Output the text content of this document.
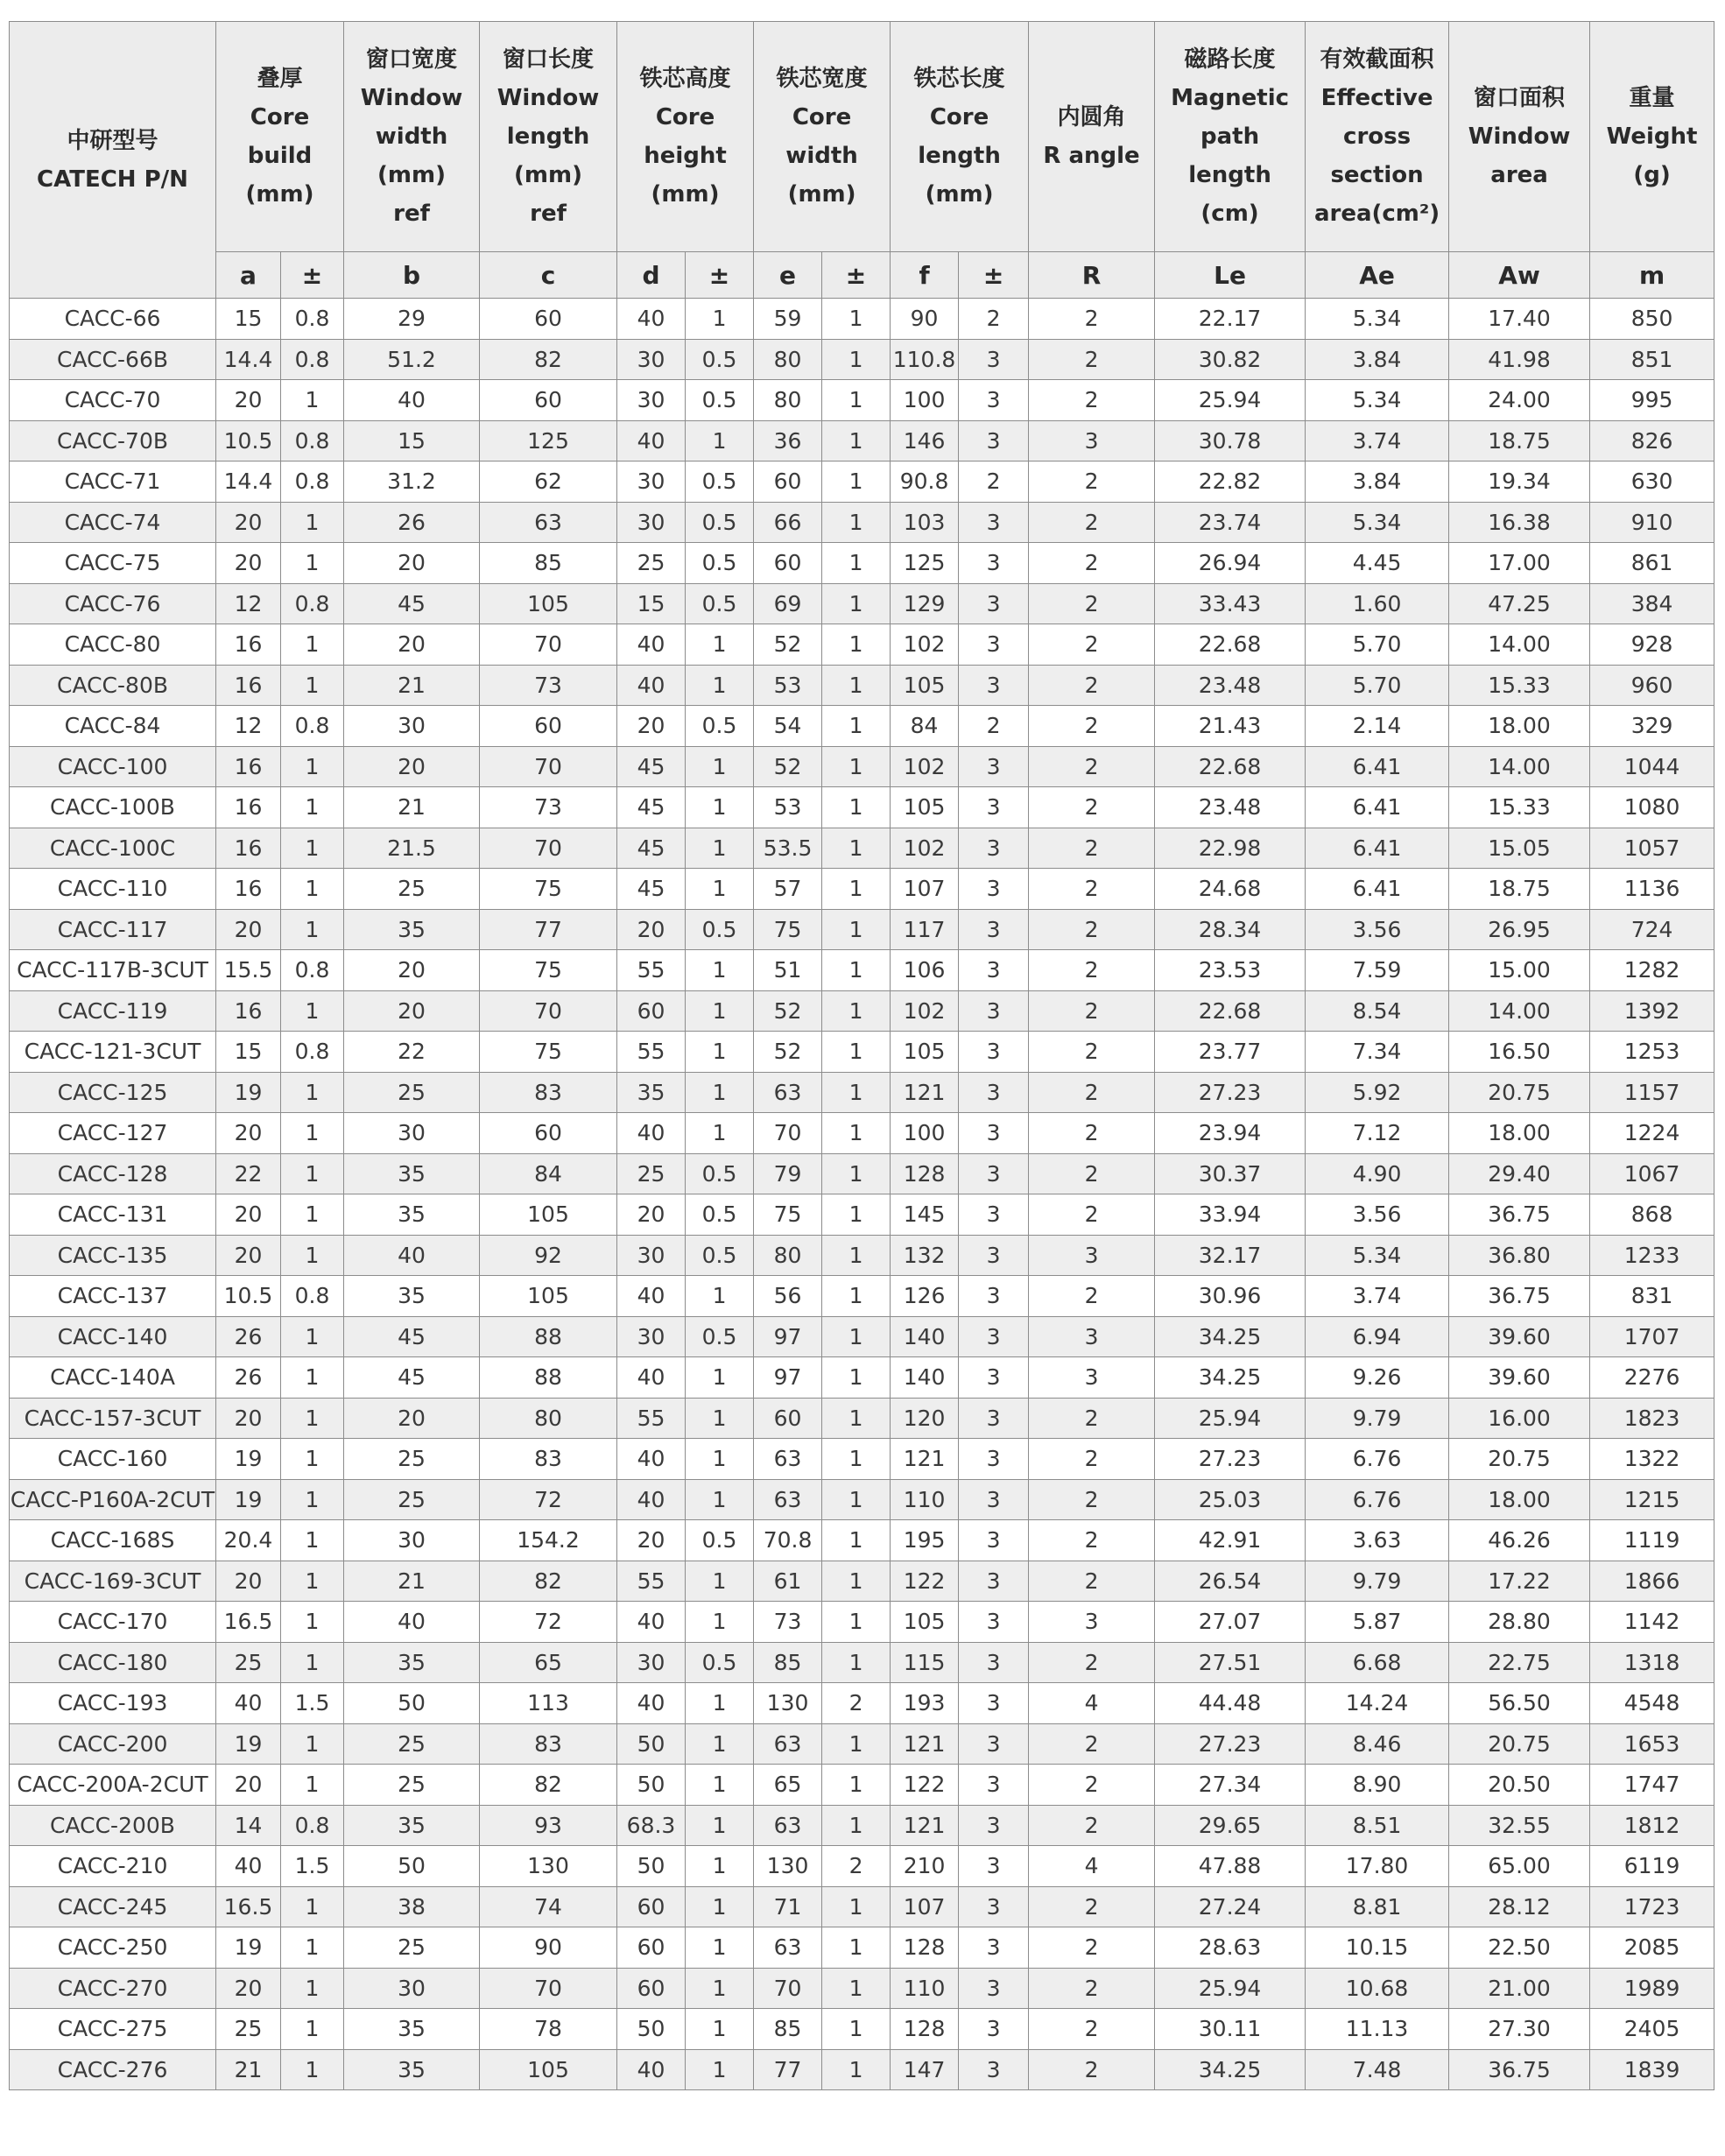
中研型号
CATECH P/N	叠厚
Core
build
(mm)		窗口宽度
Window
width
(mm)
ref	窗口长度
Window
length
(mm)
ref	铁芯高度
Core
height
(mm)		铁芯宽度
Core
width
(mm)		铁芯长度
Core
length
(mm)		内圆角
R angle	磁路长度
Magnetic
path
length
(cm)	有效截面积
Effective
cross
section
area(cm²)	窗口面积
Window
area	重量
Weight
(g)

	a	±	b	c	d	±	e	±	f	±	R	Le	Ae	Aw	m
CACC-66	15	0.8	29	60	40	1	59	1	90	2	2	22.17	5.34	17.40	850
CACC-66B	14.4	0.8	51.2	82	30	0.5	80	1	110.8	3	2	30.82	3.84	41.98	851
CACC-70	20	1	40	60	30	0.5	80	1	100	3	2	25.94	5.34	24.00	995
CACC-70B	10.5	0.8	15	125	40	1	36	1	146	3	3	30.78	3.74	18.75	826
CACC-71	14.4	0.8	31.2	62	30	0.5	60	1	90.8	2	2	22.82	3.84	19.34	630
CACC-74	20	1	26	63	30	0.5	66	1	103	3	2	23.74	5.34	16.38	910
CACC-75	20	1	20	85	25	0.5	60	1	125	3	2	26.94	4.45	17.00	861
CACC-76	12	0.8	45	105	15	0.5	69	1	129	3	2	33.43	1.60	47.25	384
CACC-80	16	1	20	70	40	1	52	1	102	3	2	22.68	5.70	14.00	928
CACC-80B	16	1	21	73	40	1	53	1	105	3	2	23.48	5.70	15.33	960
CACC-84	12	0.8	30	60	20	0.5	54	1	84	2	2	21.43	2.14	18.00	329
CACC-100	16	1	20	70	45	1	52	1	102	3	2	22.68	6.41	14.00	1044
CACC-100B	16	1	21	73	45	1	53	1	105	3	2	23.48	6.41	15.33	1080
CACC-100C	16	1	21.5	70	45	1	53.5	1	102	3	2	22.98	6.41	15.05	1057
CACC-110	16	1	25	75	45	1	57	1	107	3	2	24.68	6.41	18.75	1136
CACC-117	20	1	35	77	20	0.5	75	1	117	3	2	28.34	3.56	26.95	724
CACC-117B-3CUT	15.5	0.8	20	75	55	1	51	1	106	3	2	23.53	7.59	15.00	1282
CACC-119	16	1	20	70	60	1	52	1	102	3	2	22.68	8.54	14.00	1392
CACC-121-3CUT	15	0.8	22	75	55	1	52	1	105	3	2	23.77	7.34	16.50	1253
CACC-125	19	1	25	83	35	1	63	1	121	3	2	27.23	5.92	20.75	1157
CACC-127	20	1	30	60	40	1	70	1	100	3	2	23.94	7.12	18.00	1224
CACC-128	22	1	35	84	25	0.5	79	1	128	3	2	30.37	4.90	29.40	1067
CACC-131	20	1	35	105	20	0.5	75	1	145	3	2	33.94	3.56	36.75	868
CACC-135	20	1	40	92	30	0.5	80	1	132	3	3	32.17	5.34	36.80	1233
CACC-137	10.5	0.8	35	105	40	1	56	1	126	3	2	30.96	3.74	36.75	831
CACC-140	26	1	45	88	30	0.5	97	1	140	3	3	34.25	6.94	39.60	1707
CACC-140A	26	1	45	88	40	1	97	1	140	3	3	34.25	9.26	39.60	2276
CACC-157-3CUT	20	1	20	80	55	1	60	1	120	3	2	25.94	9.79	16.00	1823
CACC-160	19	1	25	83	40	1	63	1	121	3	2	27.23	6.76	20.75	1322
CACC-P160A-2CUT	19	1	25	72	40	1	63	1	110	3	2	25.03	6.76	18.00	1215
CACC-168S	20.4	1	30	154.2	20	0.5	70.8	1	195	3	2	42.91	3.63	46.26	1119
CACC-169-3CUT	20	1	21	82	55	1	61	1	122	3	2	26.54	9.79	17.22	1866
CACC-170	16.5	1	40	72	40	1	73	1	105	3	3	27.07	5.87	28.80	1142
CACC-180	25	1	35	65	30	0.5	85	1	115	3	2	27.51	6.68	22.75	1318
CACC-193	40	1.5	50	113	40	1	130	2	193	3	4	44.48	14.24	56.50	4548
CACC-200	19	1	25	83	50	1	63	1	121	3	2	27.23	8.46	20.75	1653
CACC-200A-2CUT	20	1	25	82	50	1	65	1	122	3	2	27.34	8.90	20.50	1747
CACC-200B	14	0.8	35	93	68.3	1	63	1	121	3	2	29.65	8.51	32.55	1812
CACC-210	40	1.5	50	130	50	1	130	2	210	3	4	47.88	17.80	65.00	6119
CACC-245	16.5	1	38	74	60	1	71	1	107	3	2	27.24	8.81	28.12	1723
CACC-250	19	1	25	90	60	1	63	1	128	3	2	28.63	10.15	22.50	2085
CACC-270	20	1	30	70	60	1	70	1	110	3	2	25.94	10.68	21.00	1989
CACC-275	25	1	35	78	50	1	85	1	128	3	2	30.11	11.13	27.30	2405
CACC-276	21	1	35	105	40	1	77	1	147	3	2	34.25	7.48	36.75	1839
